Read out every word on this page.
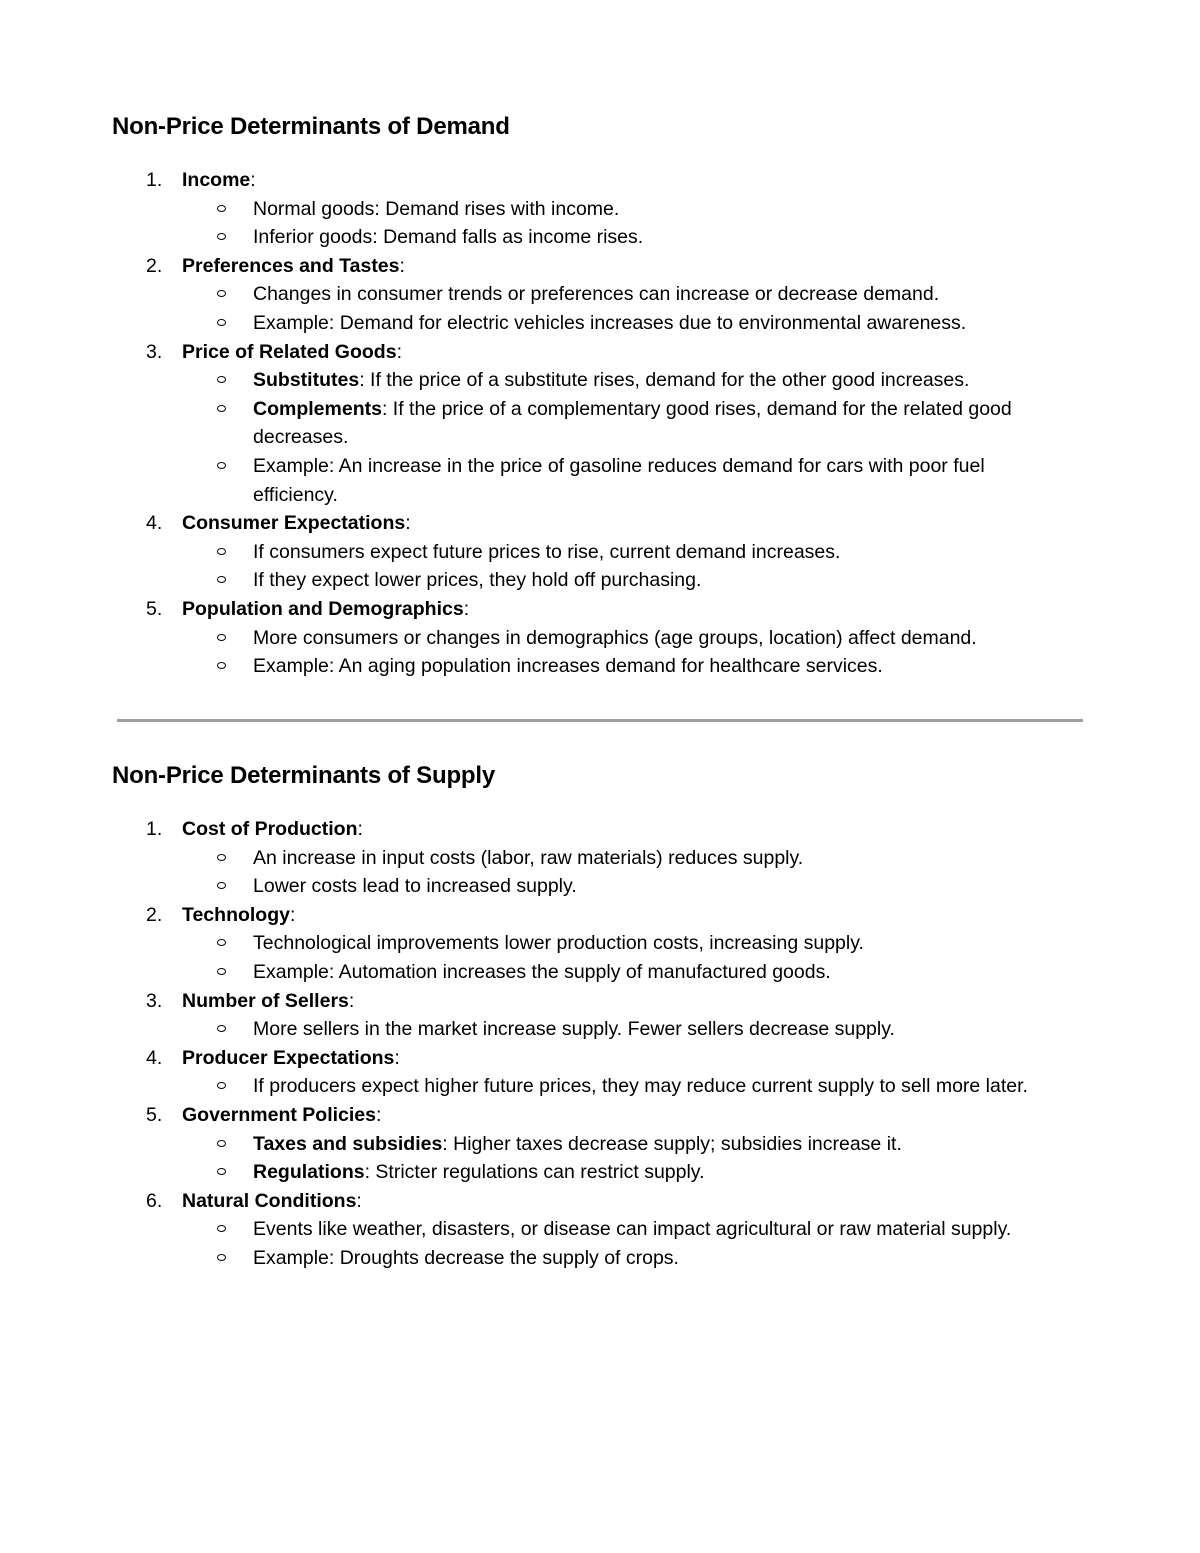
Non-Price Determinants of Demand
1. Income:
Normal goods: Demand rises with income.
Inferior goods: Demand falls as income rises.
2. Preferences and Tastes:
Changes in consumer trends or preferences can increase or decrease demand.
Example: Demand for electric vehicles increases due to environmental awareness.
3. Price of Related Goods:
Substitutes: If the price of a substitute rises, demand for the other good increases.
Complements: If the price of a complementary good rises, demand for the related good decreases.
Example: An increase in the price of gasoline reduces demand for cars with poor fuel efficiency.
4. Consumer Expectations:
If consumers expect future prices to rise, current demand increases.
If they expect lower prices, they hold off purchasing.
5. Population and Demographics:
More consumers or changes in demographics (age groups, location) affect demand.
Example: An aging population increases demand for healthcare services.
Non-Price Determinants of Supply
1. Cost of Production:
An increase in input costs (labor, raw materials) reduces supply.
Lower costs lead to increased supply.
2. Technology:
Technological improvements lower production costs, increasing supply.
Example: Automation increases the supply of manufactured goods.
3. Number of Sellers:
More sellers in the market increase supply. Fewer sellers decrease supply.
4. Producer Expectations:
If producers expect higher future prices, they may reduce current supply to sell more later.
5. Government Policies:
Taxes and subsidies: Higher taxes decrease supply; subsidies increase it.
Regulations: Stricter regulations can restrict supply.
6. Natural Conditions:
Events like weather, disasters, or disease can impact agricultural or raw material supply.
Example: Droughts decrease the supply of crops.
